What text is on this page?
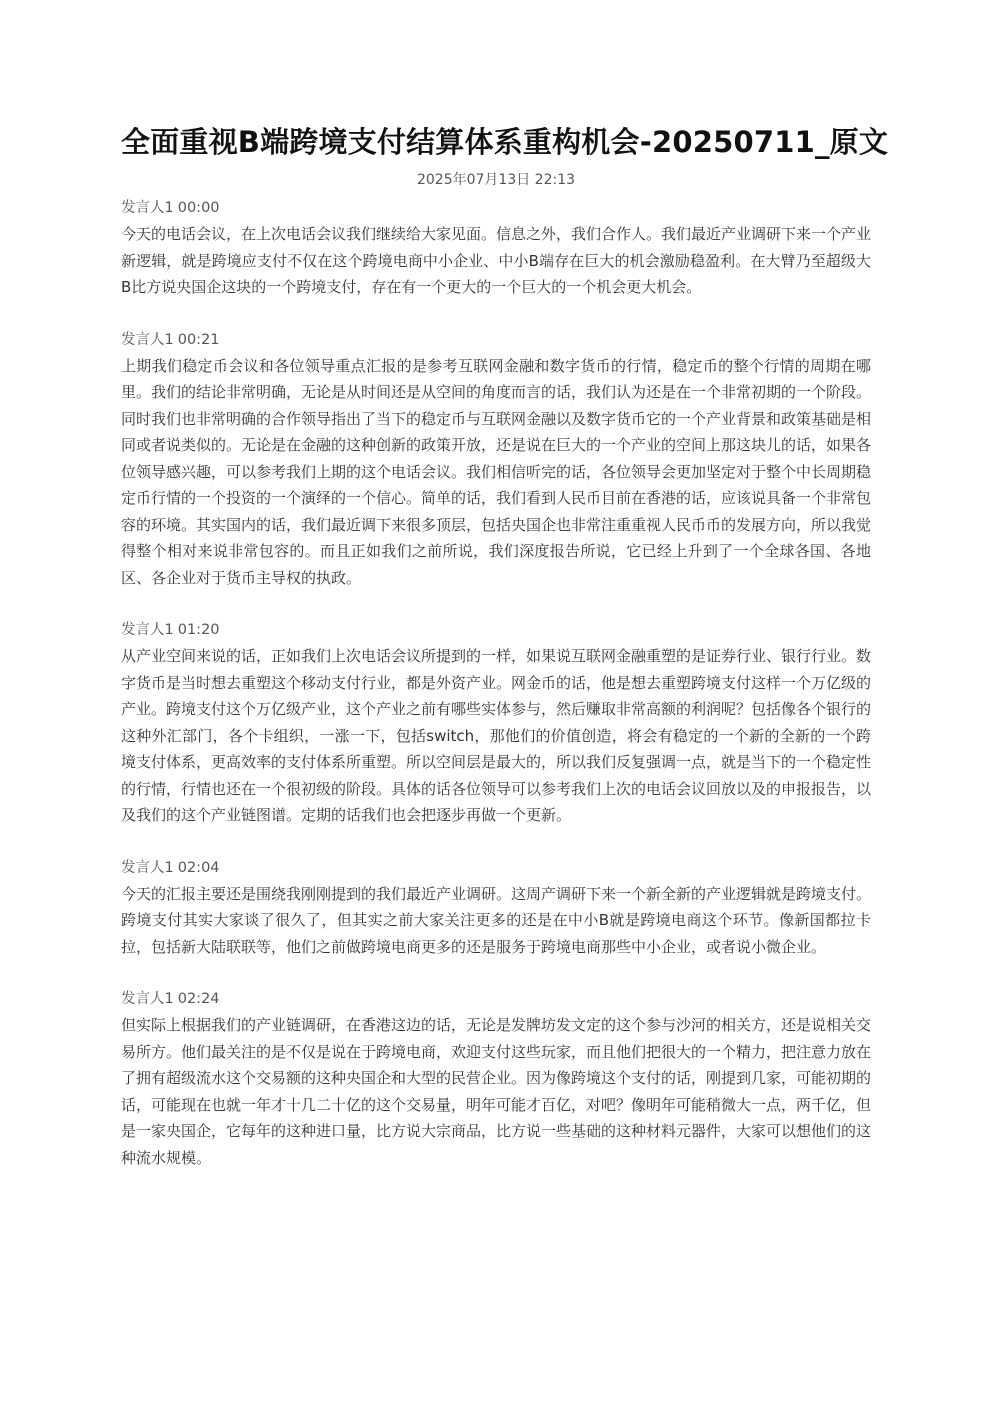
全面重视B端跨境支付结算体系重构机会-20250711_原文
2025年07月13日 22:13
发言人1 00:00

今天的电话会议，在上次电话会议我们继续给大家见面。信息之外，我们合作人。我们最近产业调研下来一个产业新逻辑，就是跨境应支付不仅在这个跨境电商中小企业、中小B端存在巨大的机会激励稳盈利。在大臂乃至超级大B比方说央国企这块的一个跨境支付，存在有一个更大的一个巨大的一个机会更大机会。

发言人1 00:21

上期我们稳定币会议和各位领导重点汇报的是参考互联网金融和数字货币的行情，稳定币的整个行情的周期在哪里。我们的结论非常明确，无论是从时间还是从空间的角度而言的话，我们认为还是在一个非常初期的一个阶段。同时我们也非常明确的合作领导指出了当下的稳定币与互联网金融以及数字货币它的一个产业背景和政策基础是相同或者说类似的。无论是在金融的这种创新的政策开放，还是说在巨大的一个产业的空间上那这块儿的话，如果各位领导感兴趣，可以参考我们上期的这个电话会议。我们相信听完的话，各位领导会更加坚定对于整个中长周期稳定币行情的一个投资的一个演绎的一个信心。简单的话，我们看到人民币目前在香港的话，应该说具备一个非常包容的环境。其实国内的话，我们最近调下来很多顶层，包括央国企也非常注重重视人民币币的发展方向，所以我觉得整个相对来说非常包容的。而且正如我们之前所说，我们深度报告所说，它已经上升到了一个全球各国、各地区、各企业对于货币主导权的执政。

发言人1 01:20

从产业空间来说的话，正如我们上次电话会议所提到的一样，如果说互联网金融重塑的是证券行业、银行行业。数字货币是当时想去重塑这个移动支付行业，都是外资产业。网金币的话，他是想去重塑跨境支付这样一个万亿级的产业。跨境支付这个万亿级产业，这个产业之前有哪些实体参与，然后赚取非常高额的利润呢？包括像各个银行的这种外汇部门，各个卡组织，一涨一下，包括switch，那他们的价值创造，将会有稳定的一个新的全新的一个跨境支付体系，更高效率的支付体系所重塑。所以空间层是最大的，所以我们反复强调一点，就是当下的一个稳定性的行情，行情也还在一个很初级的阶段。具体的话各位领导可以参考我们上次的电话会议回放以及的申报报告，以及我们的这个产业链图谱。定期的话我们也会把逐步再做一个更新。

发言人1 02:04

今天的汇报主要还是围绕我刚刚提到的我们最近产业调研。这周产调研下来一个新全新的产业逻辑就是跨境支付。跨境支付其实大家谈了很久了，但其实之前大家关注更多的还是在中小B就是跨境电商这个环节。像新国都拉卡拉，包括新大陆联联等，他们之前做跨境电商更多的还是服务于跨境电商那些中小企业，或者说小微企业。

发言人1 02:24

但实际上根据我们的产业链调研，在香港这边的话，无论是发牌坊发文定的这个参与沙河的相关方，还是说相关交易所方。他们最关注的是不仅是说在于跨境电商，欢迎支付这些玩家，而且他们把很大的一个精力，把注意力放在了拥有超级流水这个交易额的这种央国企和大型的民营企业。因为像跨境这个支付的话，刚提到几家，可能初期的话，可能现在也就一年才十几二十亿的这个交易量，明年可能才百亿，对吧？像明年可能稍微大一点，两千亿，但是一家央国企，它每年的这种进口量，比方说大宗商品，比方说一些基础的这种材料元器件，大家可以想他们的这种流水规模。
